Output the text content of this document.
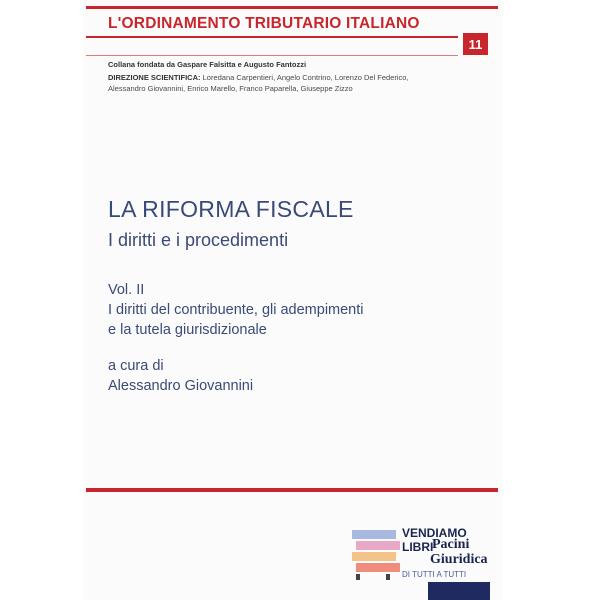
L'ORDINAMENTO TRIBUTARIO ITALIANO
11
Collana fondata da Gaspare Falsitta e Augusto Fantozzi
DIREZIONE SCIENTIFICA: Loredana Carpentieri, Angelo Contrino, Lorenzo Del Federico,
Alessandro Giovannini, Enrico Marello, Franco Paparella, Giuseppe Zizzo
LA RIFORMA FISCALE
I diritti e i procedimenti
Vol. II
I diritti del contribuente, gli adempimenti
e la tutela giurisdizionale
a cura di
Alessandro Giovannini
VENDIAMO
LIBRI
Pacini
Giuridica
DI TUTTI A TUTTI
